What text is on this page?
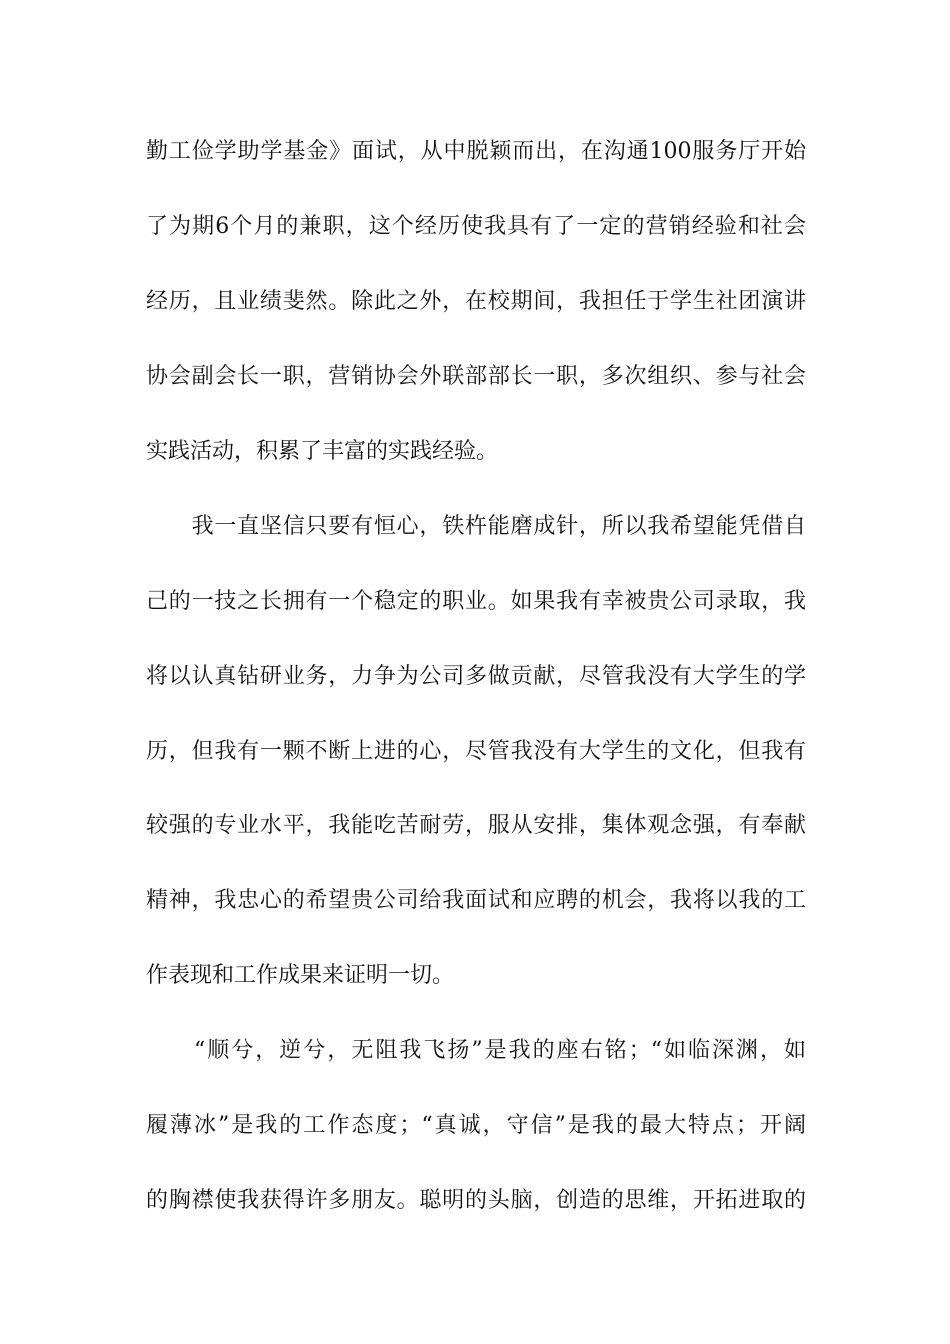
勤工俭学助学基金》面试，从中脱颖而出，在沟通100服务厅开始
了为期6个月的兼职，这个经历使我具有了一定的营销经验和社会
经历，且业绩斐然。除此之外，在校期间，我担任于学生社团演讲
协会副会长一职，营销协会外联部部长一职，多次组织、参与社会
实践活动，积累了丰富的实践经验。
　　我一直坚信只要有恒心，铁杵能磨成针，所以我希望能凭借自
己的一技之长拥有一个稳定的职业。如果我有幸被贵公司录取，我
将以认真钻研业务，力争为公司多做贡献，尽管我没有大学生的学
历，但我有一颗不断上进的心，尽管我没有大学生的文化，但我有
较强的专业水平，我能吃苦耐劳，服从安排，集体观念强，有奉献
精神，我忠心的希望贵公司给我面试和应聘的机会，我将以我的工
作表现和工作成果来证明一切。
　　“顺兮，逆兮，无阻我飞扬”是我的座右铭；“如临深渊，如
履薄冰”是我的工作态度；“真诚，守信”是我的最大特点；开阔
的胸襟使我获得许多朋友。聪明的头脑，创造的思维，开拓进取的
